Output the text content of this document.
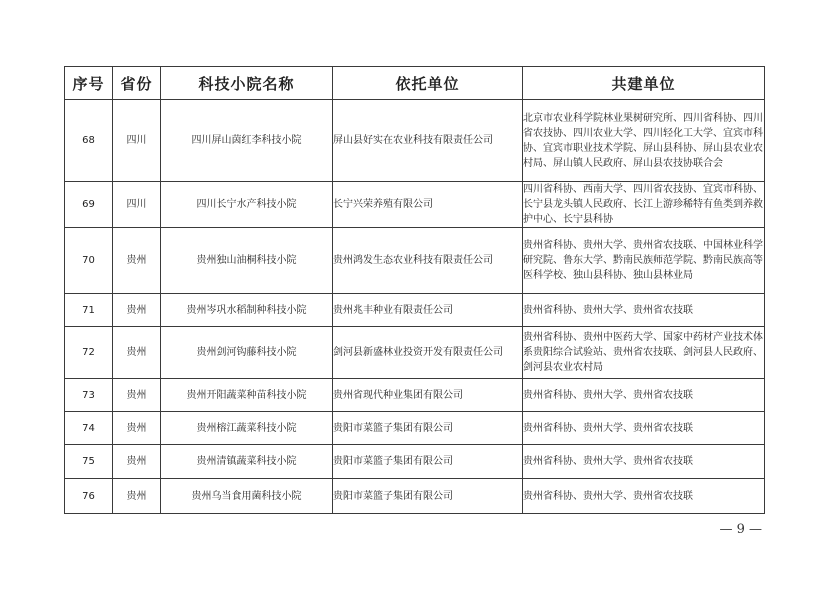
序号	省份	科技小院名称	依托单位	共建单位
68	四川	四川屏山茵红李科技小院	屏山县好实在农业科技有限责任公司	北京市农业科学院林业果树研究所、四川省科协、四川省农技协、四川农业大学、四川轻化工大学、宜宾市科协、宜宾市职业技术学院、屏山县科协、屏山县农业农村局、屏山镇人民政府、屏山县农技协联合会
69	四川	四川长宁水产科技小院	长宁兴荣养殖有限公司	四川省科协、西南大学、四川省农技协、宜宾市科协、长宁县龙头镇人民政府、长江上游珍稀特有鱼类到养救护中心、长宁县科协
70	贵州	贵州独山油桐科技小院	贵州鸿发生态农业科技有限责任公司	贵州省科协、贵州大学、贵州省农技联、中国林业科学研究院、鲁东大学、黔南民族师范学院、黔南民族高等医科学校、独山县科协、独山县林业局
71	贵州	贵州岑巩水稻制种科技小院	贵州兆丰种业有限责任公司	贵州省科协、贵州大学、贵州省农技联
72	贵州	贵州剑河钩藤科技小院	剑河县新盛林业投资开发有限责任公司	贵州省科协、贵州中医药大学、国家中药材产业技术体系贵阳综合试验站、贵州省农技联、剑河县人民政府、剑河县农业农村局
73	贵州	贵州开阳蔬菜种苗科技小院	贵州省现代种业集团有限公司	贵州省科协、贵州大学、贵州省农技联
74	贵州	贵州榕江蔬菜科技小院	贵阳市菜篮子集团有限公司	贵州省科协、贵州大学、贵州省农技联
75	贵州	贵州清镇蔬菜科技小院	贵阳市菜篮子集团有限公司	贵州省科协、贵州大学、贵州省农技联
76	贵州	贵州乌当食用菌科技小院	贵阳市菜篮子集团有限公司	贵州省科协、贵州大学、贵州省农技联
— 9 —
